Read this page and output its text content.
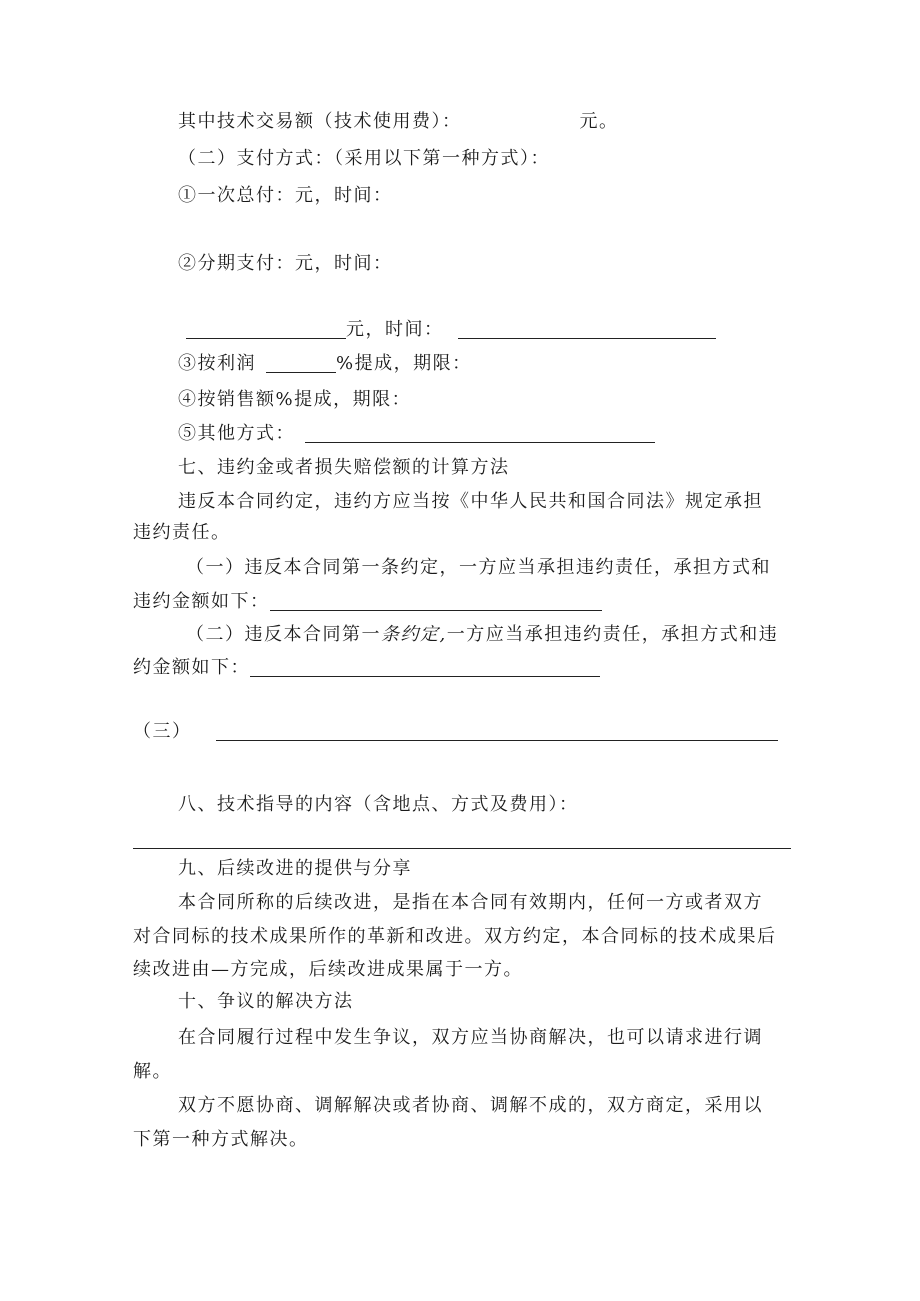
其中技术交易额（技术使用费）：	元。
（二）支付方式：（采用以下第一种方式）：
①一次总付：元，时间：
②分期支付：元，时间：
元，时间：
③按利润	%提成，期限：
④按销售额%提成，期限：
⑤其他方式：
七、违约金或者损失赔偿额的计算方法
违反本合同约定，违约方应当按《中华人民共和国合同法》规定承担
违约责任。
（一）违反本合同第一条约定，一方应当承担违约责任，承担方式和
违约金额如下：
（二）违反本合同第一条约定,一方应当承担违约责任，承担方式和违
约金额如下：
（三）
八、技术指导的内容（含地点、方式及费用）：
九、后续改进的提供与分享
本合同所称的后续改进，是指在本合同有效期内，任何一方或者双方
对合同标的技术成果所作的革新和改进。双方约定，本合同标的技术成果后
续改进由—方完成，后续改进成果属于一方。
十、争议的解决方法
在合同履行过程中发生争议，双方应当协商解决，也可以请求进行调
解。
双方不愿协商、调解解决或者协商、调解不成的，双方商定，采用以
下第一种方式解决。
